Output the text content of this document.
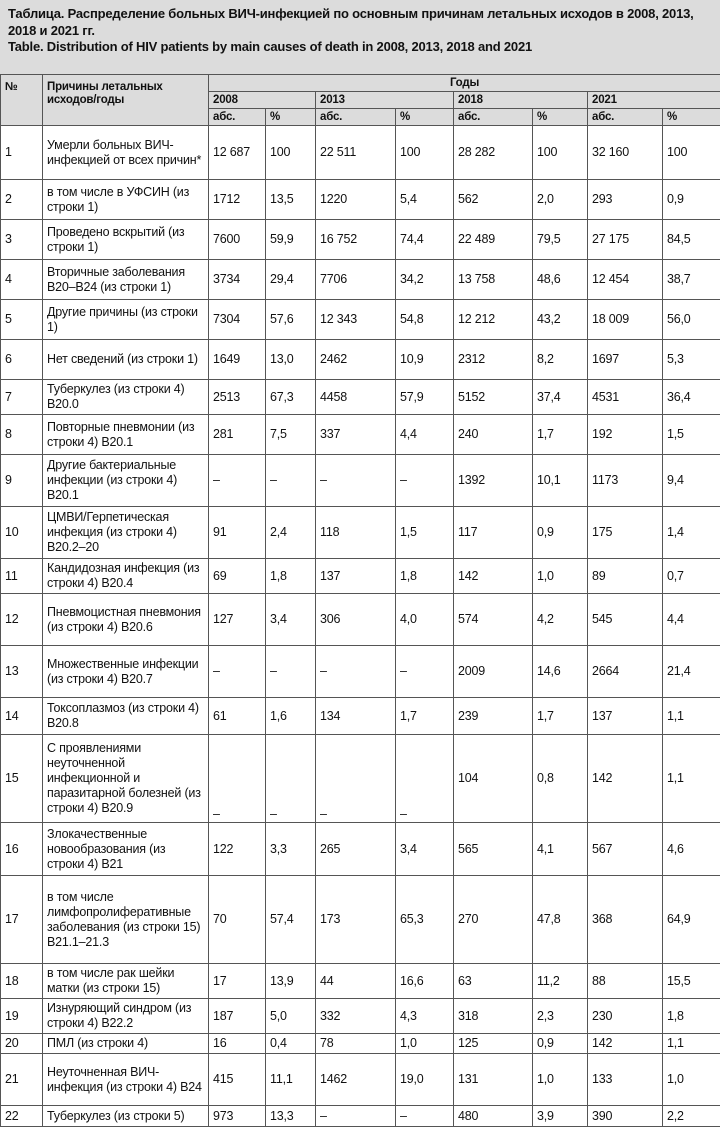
Таблица. Распределение больных ВИЧ-инфекцией по основным причинам летальных исходов в 2008, 2013, 2018 и 2021 гг.
Table. Distribution of HIV patients by main causes of death in 2008, 2013, 2018 and 2021
№	Причины летальных исходов/годы	Годы							
		2008		2013		2018		2021	
		абс.	%	абс.	%	абс.	%	абс.	%
1	Умерли больных ВИЧ-инфекцией от всех причин*	12 687	100	22 511	100	28 282	100	32 160	100
2	в том числе в УФСИН (из строки 1)	1712	13,5	1220	5,4	562	2,0	293	0,9
3	Проведено вскрытий (из строки 1)	7600	59,9	16 752	74,4	22 489	79,5	27 175	84,5
4	Вторичные заболевания B20–B24 (из строки 1)	3734	29,4	7706	34,2	13 758	48,6	12 454	38,7
5	Другие причины (из строки 1)	7304	57,6	12 343	54,8	12 212	43,2	18 009	56,0
6	Нет сведений (из строки 1)	1649	13,0	2462	10,9	2312	8,2	1697	5,3
7	Туберкулез (из строки 4) B20.0	2513	67,3	4458	57,9	5152	37,4	4531	36,4
8	Повторные пневмонии (из строки 4) B20.1	281	7,5	337	4,4	240	1,7	192	1,5
9	Другие бактериальные инфекции (из строки 4) B20.1	–	–	–	–	1392	10,1	1173	9,4
10	ЦМВИ/Герпетическая инфекция (из строки 4) B20.2–20	91	2,4	118	1,5	117	0,9	175	1,4
11	Кандидозная инфекция (из строки 4) B20.4	69	1,8	137	1,8	142	1,0	89	0,7
12	Пневмоцистная пневмония (из строки 4) B20.6	127	3,4	306	4,0	574	4,2	545	4,4
13	Множественные инфекции (из строки 4) B20.7	–	–	–	–	2009	14,6	2664	21,4
14	Токсоплазмоз (из строки 4) B20.8	61	1,6	134	1,7	239	1,7	137	1,1
15	С проявлениями неуточненной инфекционной и паразитарной болезней (из строки 4) B20.9	–	–	–	–	104	0,8	142	1,1
16	Злокачественные новообразования (из строки 4) B21	122	3,3	265	3,4	565	4,1	567	4,6
17	в том числе лимфопролиферативные заболевания (из строки 15) B21.1–21.3	70	57,4	173	65,3	270	47,8	368	64,9
18	в том числе рак шейки матки (из строки 15)	17	13,9	44	16,6	63	11,2	88	15,5
19	Изнуряющий синдром (из строки 4) B22.2	187	5,0	332	4,3	318	2,3	230	1,8
20	ПМЛ (из строки 4)	16	0,4	78	1,0	125	0,9	142	1,1
21	Неуточненная ВИЧ-инфекция (из строки 4) B24	415	11,1	1462	19,0	131	1,0	133	1,0
22	Туберкулез (из строки 5)	973	13,3	–	–	480	3,9	390	2,2
